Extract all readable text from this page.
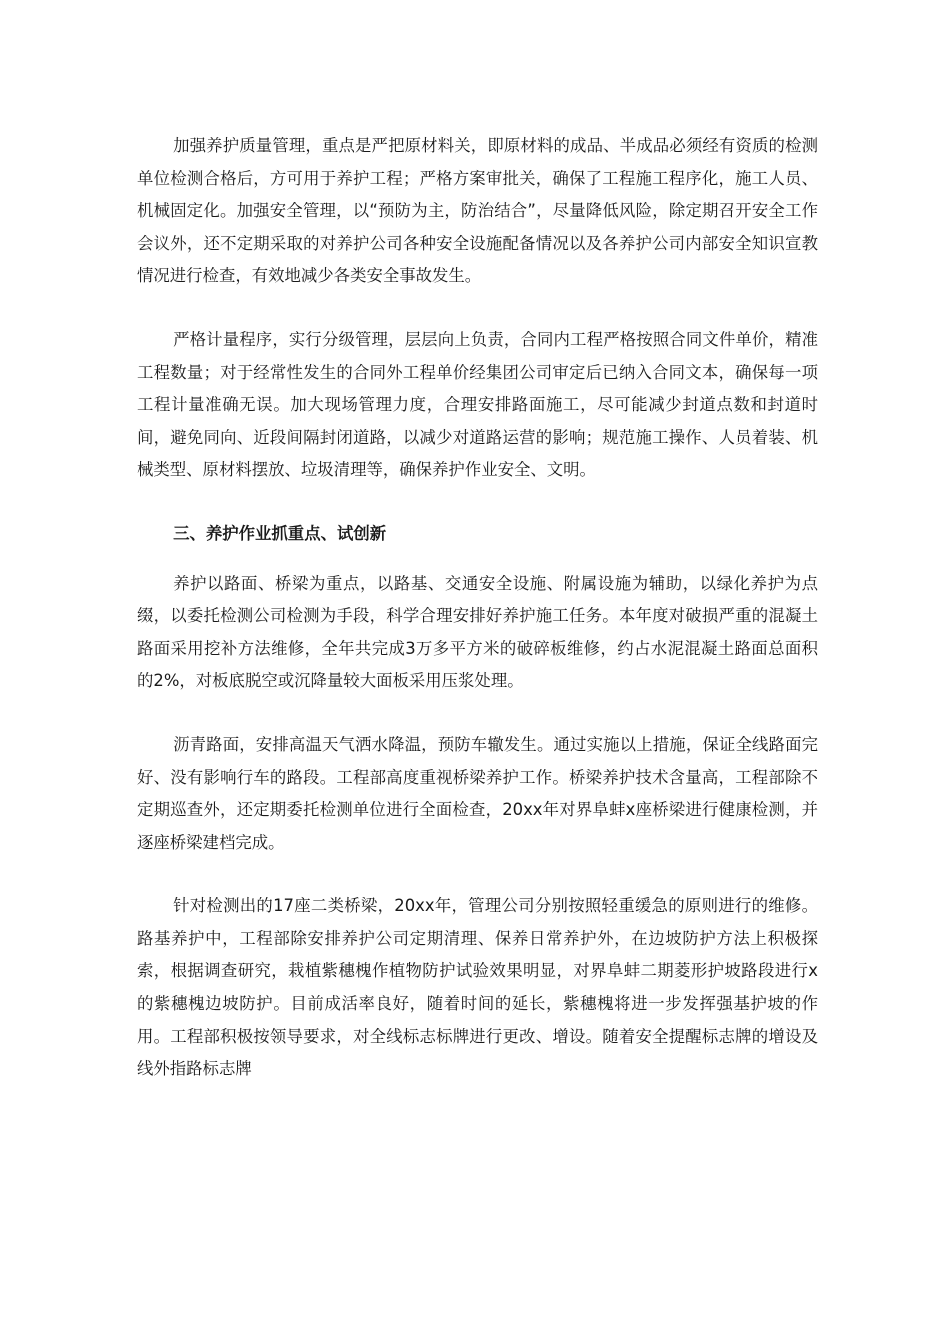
加强养护质量管理，重点是严把原材料关，即原材料的成品、半成品必须经有资质的检测单位检测合格后，方可用于养护工程；严格方案审批关，确保了工程施工程序化，施工人员、机械固定化。加强安全管理，以“预防为主，防治结合”，尽量降低风险，除定期召开安全工作会议外，还不定期采取的对养护公司各种安全设施配备情况以及各养护公司内部安全知识宣教情况进行检查，有效地减少各类安全事故发生。

严格计量程序，实行分级管理，层层向上负责，合同内工程严格按照合同文件单价，精准工程数量；对于经常性发生的合同外工程单价经集团公司审定后已纳入合同文本，确保每一项工程计量准确无误。加大现场管理力度，合理安排路面施工，尽可能减少封道点数和封道时间，避免同向、近段间隔封闭道路，以减少对道路运营的影响；规范施工操作、人员着装、机械类型、原材料摆放、垃圾清理等，确保养护作业安全、文明。

三、养护作业抓重点、试创新

养护以路面、桥梁为重点，以路基、交通安全设施、附属设施为辅助，以绿化养护为点缀，以委托检测公司检测为手段，科学合理安排好养护施工任务。本年度对破损严重的混凝土路面采用挖补方法维修，全年共完成3万多平方米的破碎板维修，约占水泥混凝土路面总面积的2%，对板底脱空或沉降量较大面板采用压浆处理。

沥青路面，安排高温天气洒水降温，预防车辙发生。通过实施以上措施，保证全线路面完好、没有影响行车的路段。工程部高度重视桥梁养护工作。桥梁养护技术含量高，工程部除不定期巡查外，还定期委托检测单位进行全面检查，20xx年对界阜蚌x座桥梁进行健康检测，并逐座桥梁建档完成。

针对检测出的17座二类桥梁，20xx年，管理公司分别按照轻重缓急的原则进行的维修。路基养护中，工程部除安排养护公司定期清理、保养日常养护外，在边坡防护方法上积极探索，根据调查研究，栽植紫穗槐作植物防护试验效果明显，对界阜蚌二期菱形护坡路段进行x的紫穗槐边坡防护。目前成活率良好，随着时间的延长，紫穗槐将进一步发挥强基护坡的作用。工程部积极按领导要求，对全线标志标牌进行更改、增设。随着安全提醒标志牌的增设及线外指路标志牌
